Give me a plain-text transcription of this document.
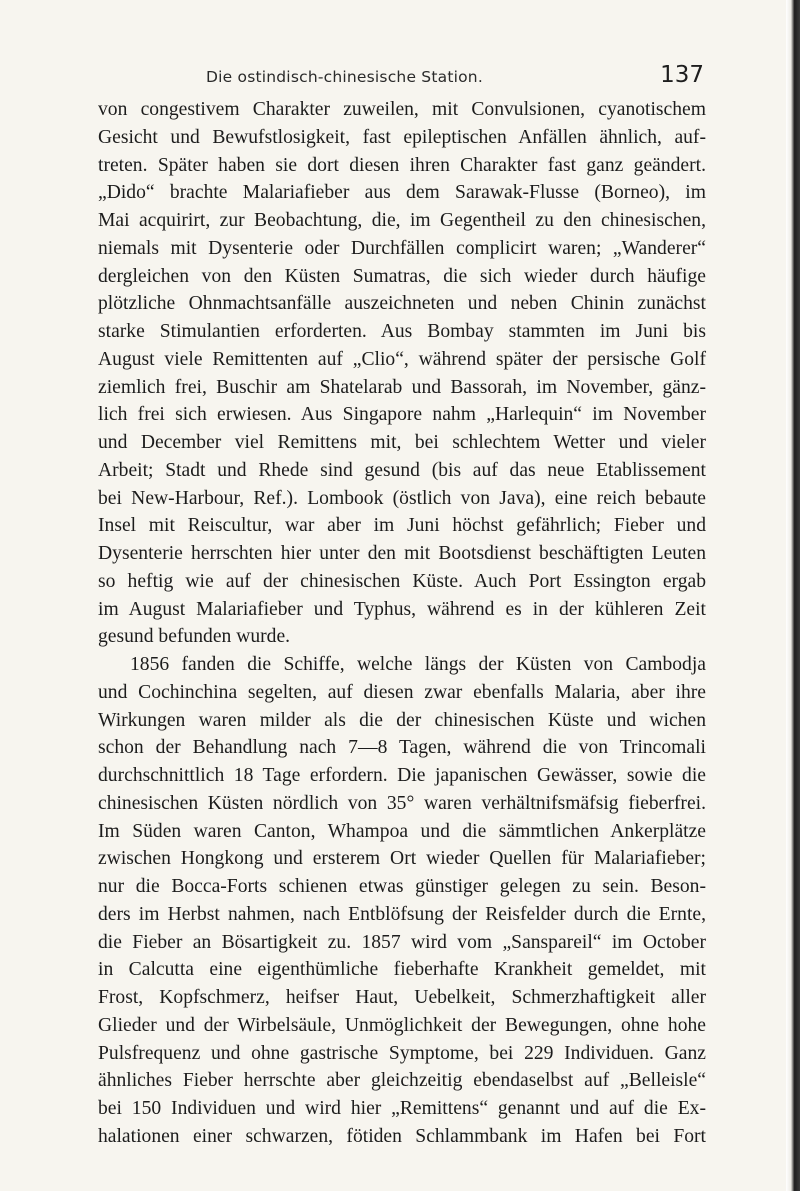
Die ostindisch-chinesische Station.	137
von congestivem Charakter zuweilen, mit Convulsionen, cyanotischem
Gesicht und Bewufstlosigkeit, fast epileptischen Anfällen ähnlich, auf-
treten. Später haben sie dort diesen ihren Charakter fast ganz geändert.
„Dido“ brachte Malariafieber aus dem Sarawak-Flusse (Borneo), im
Mai acquirirt, zur Beobachtung, die, im Gegentheil zu den chinesischen,
niemals mit Dysenterie oder Durchfällen complicirt waren; „Wanderer“
dergleichen von den Küsten Sumatras, die sich wieder durch häufige
plötzliche Ohnmachtsanfälle auszeichneten und neben Chinin zunächst
starke Stimulantien erforderten. Aus Bombay stammten im Juni bis
August viele Remittenten auf „Clio“, während später der persische Golf
ziemlich frei, Buschir am Shatelarab und Bassorah, im November, gänz-
lich frei sich erwiesen. Aus Singapore nahm „Harlequin“ im November
und December viel Remittens mit, bei schlechtem Wetter und vieler
Arbeit; Stadt und Rhede sind gesund (bis auf das neue Etablissement
bei New-Harbour, Ref.). Lombook (östlich von Java), eine reich bebaute
Insel mit Reiscultur, war aber im Juni höchst gefährlich; Fieber und
Dysenterie herrschten hier unter den mit Bootsdienst beschäftigten Leuten
so heftig wie auf der chinesischen Küste. Auch Port Essington ergab
im August Malariafieber und Typhus, während es in der kühleren Zeit
gesund befunden wurde.
1856 fanden die Schiffe, welche längs der Küsten von Cambodja
und Cochinchina segelten, auf diesen zwar ebenfalls Malaria, aber ihre
Wirkungen waren milder als die der chinesischen Küste und wichen
schon der Behandlung nach 7—8 Tagen, während die von Trincomali
durchschnittlich 18 Tage erfordern. Die japanischen Gewässer, sowie die
chinesischen Küsten nördlich von 35° waren verhältnifsmäfsig fieberfrei.
Im Süden waren Canton, Whampoa und die sämmtlichen Ankerplätze
zwischen Hongkong und ersterem Ort wieder Quellen für Malariafieber;
nur die Bocca-Forts schienen etwas günstiger gelegen zu sein. Beson-
ders im Herbst nahmen, nach Entblöfsung der Reisfelder durch die Ernte,
die Fieber an Bösartigkeit zu. 1857 wird vom „Sanspareil“ im October
in Calcutta eine eigenthümliche fieberhafte Krankheit gemeldet, mit
Frost, Kopfschmerz, heifser Haut, Uebelkeit, Schmerzhaftigkeit aller
Glieder und der Wirbelsäule, Unmöglichkeit der Bewegungen, ohne hohe
Pulsfrequenz und ohne gastrische Symptome, bei 229 Individuen. Ganz
ähnliches Fieber herrschte aber gleichzeitig ebendaselbst auf „Belleisle“
bei 150 Individuen und wird hier „Remittens“ genannt und auf die Ex-
halationen einer schwarzen, fötiden Schlammbank im Hafen bei Fort
